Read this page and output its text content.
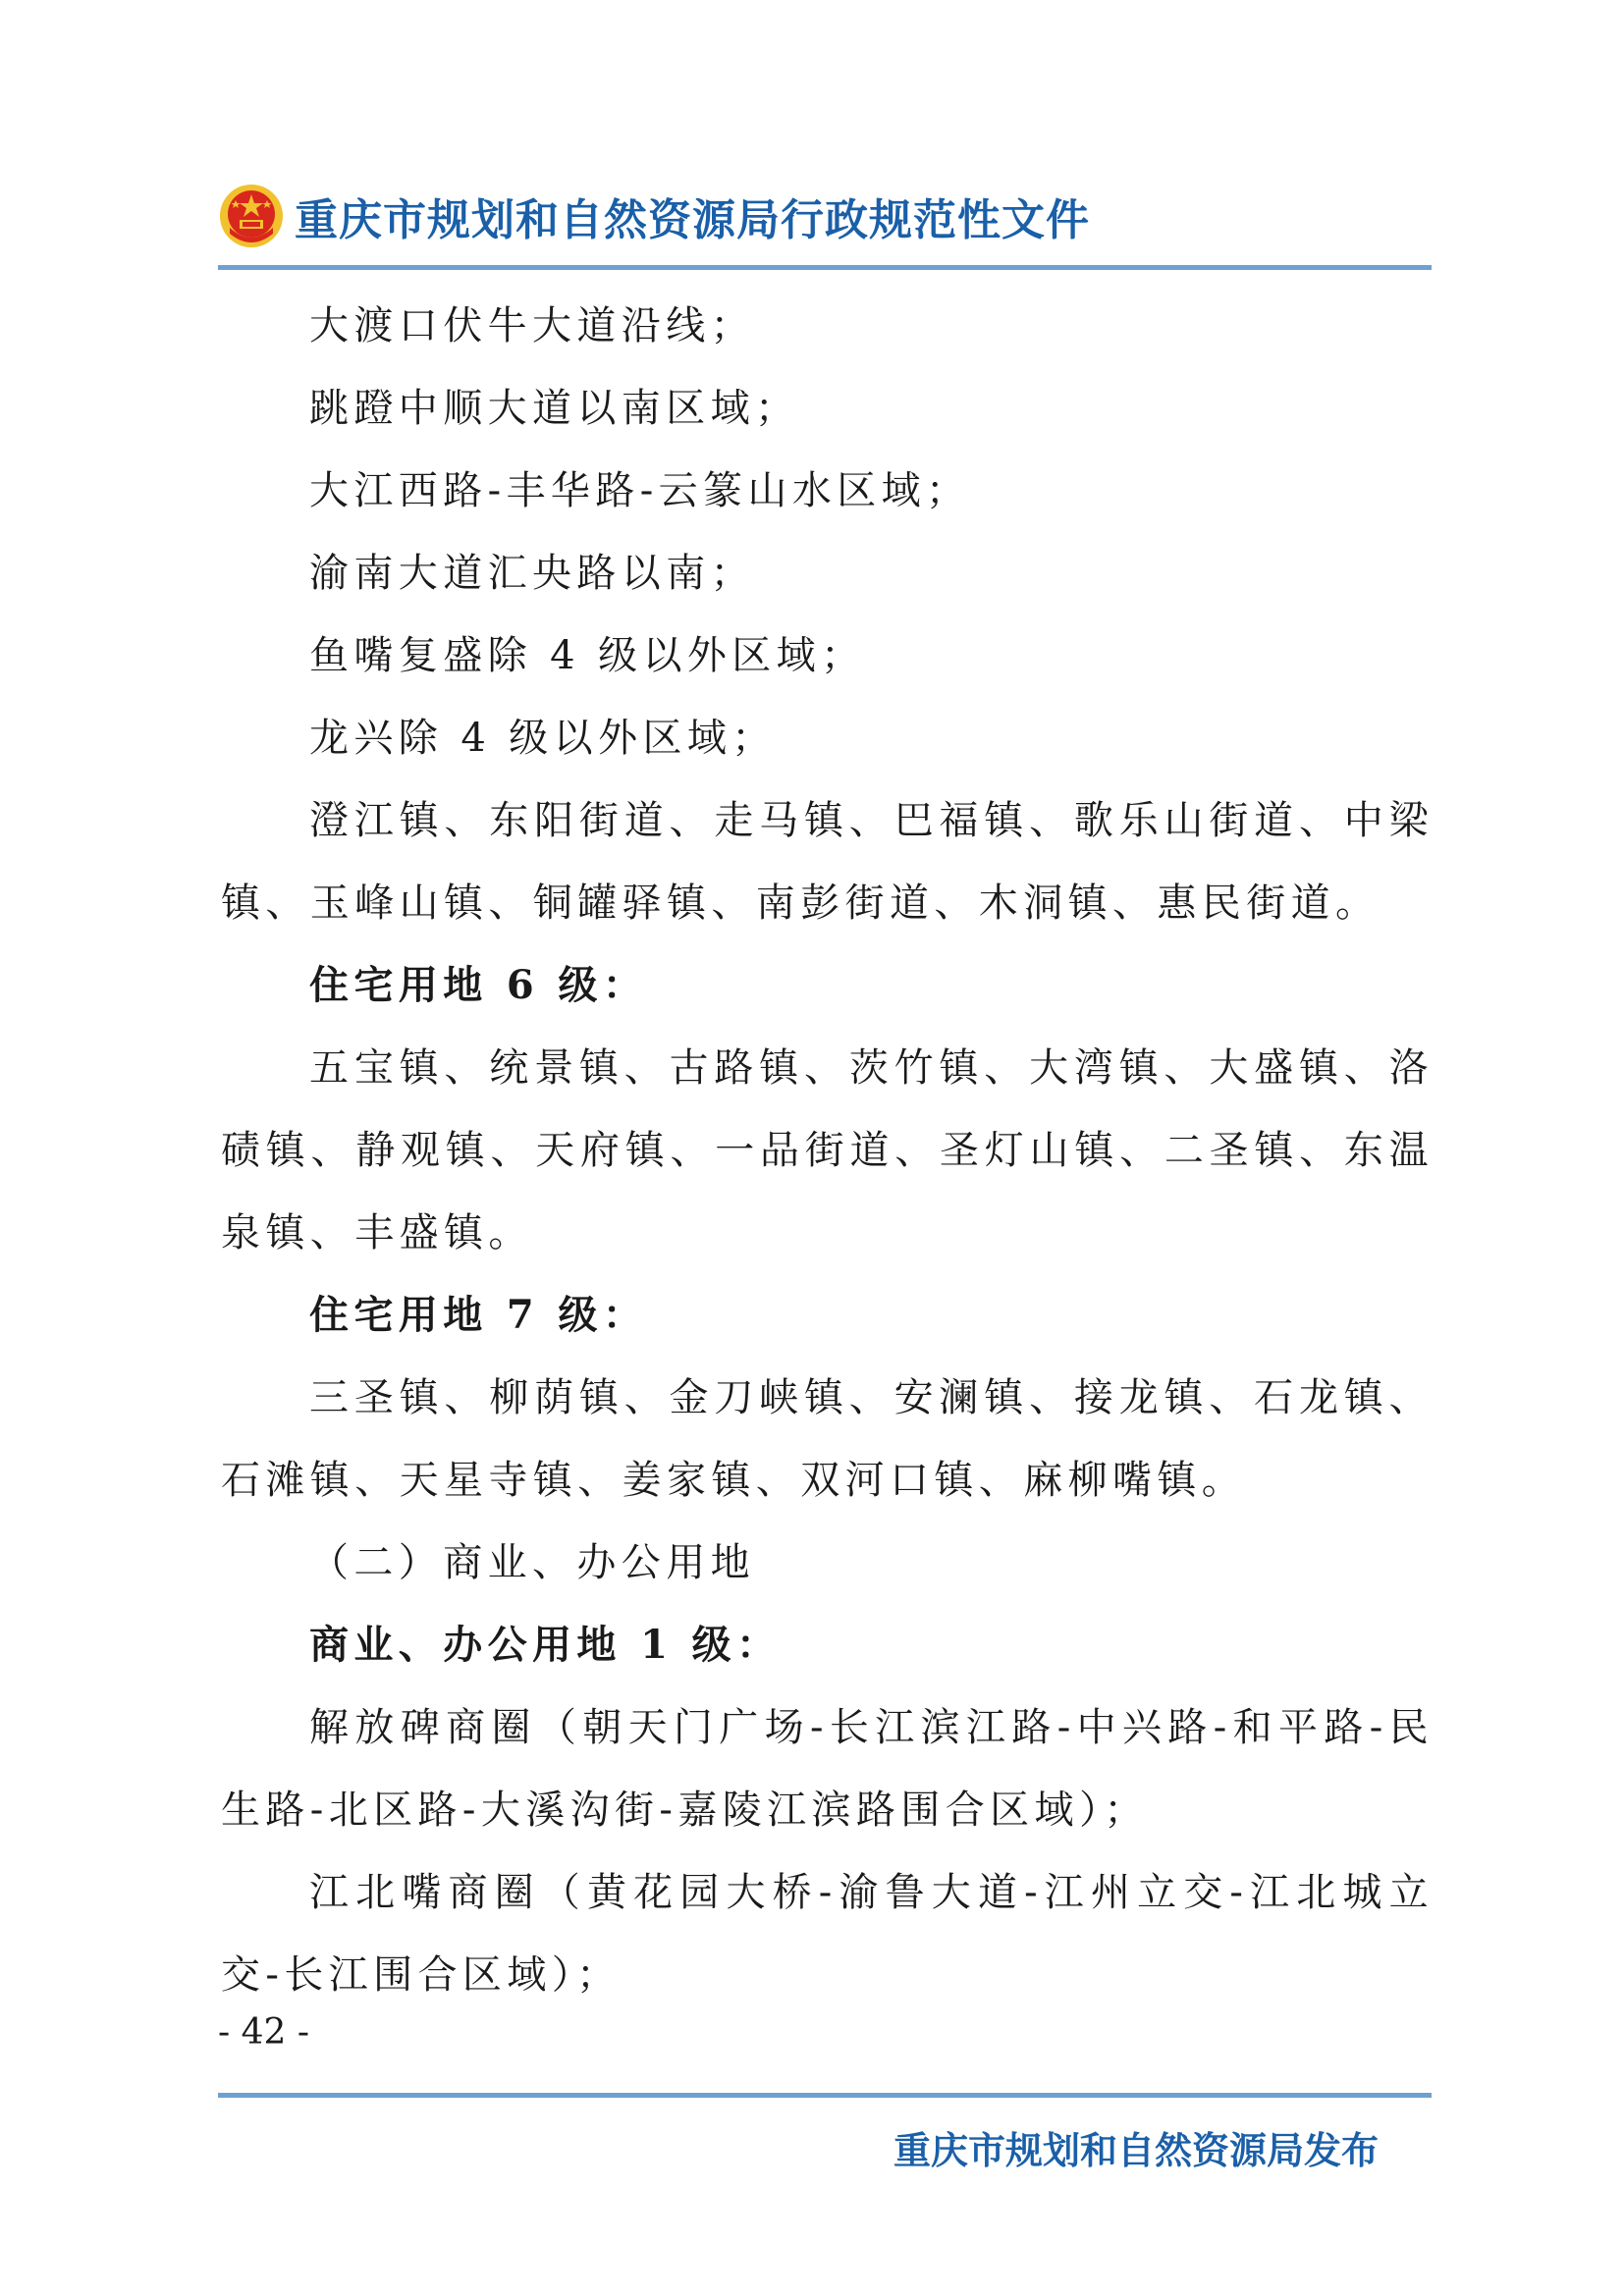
重庆市规划和自然资源局行政规范性文件

大渡口伏牛大道沿线；

跳蹬中顺大道以南区域；

大江西路-丰华路-云篆山水区域；

渝南大道汇央路以南；

鱼嘴复盛除 4 级以外区域；

龙兴除 4 级以外区域；

澄江镇、东阳街道、走马镇、巴福镇、歌乐山街道、中梁镇、玉峰山镇、铜罐驿镇、南彭街道、木洞镇、惠民街道。

住宅用地 6 级：

五宝镇、统景镇、古路镇、茨竹镇、大湾镇、大盛镇、洛碛镇、静观镇、天府镇、一品街道、圣灯山镇、二圣镇、东温泉镇、丰盛镇。

住宅用地 7 级：

三圣镇、柳荫镇、金刀峡镇、安澜镇、接龙镇、石龙镇、石滩镇、天星寺镇、姜家镇、双河口镇、麻柳嘴镇。

（二）商业、办公用地

商业、办公用地 1 级：

解放碑商圈（朝天门广场-长江滨江路-中兴路-和平路-民生路-北区路-大溪沟街-嘉陵江滨路围合区域）；

江北嘴商圈（黄花园大桥-渝鲁大道-江州立交-江北城立交-长江围合区域）；

- 42 -
重庆市规划和自然资源局发布
